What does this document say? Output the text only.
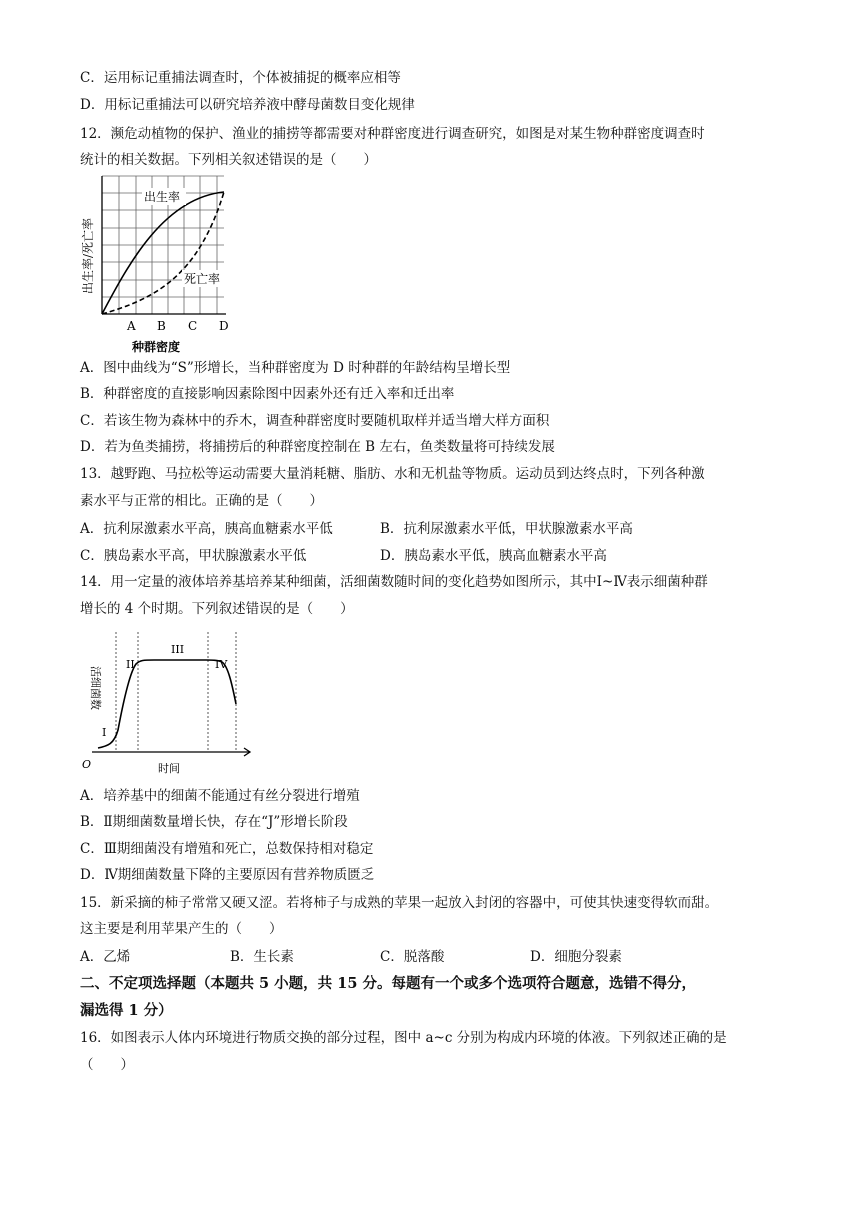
C．运用标记重捕法调查时，个体被捕捉的概率应相等
D．用标记重捕法可以研究培养液中酵母菌数目变化规律
12．濒危动植物的保护、渔业的捕捞等都需要对种群密度进行调查研究，如图是对某生物种群密度调查时
统计的相关数据。下列相关叙述错误的是（　　）
出生率
死亡率
出生率/死亡率
A B C D
种群密度
A．图中曲线为“S”形增长，当种群密度为 D 时种群的年龄结构呈增长型
B．种群密度的直接影响因素除图中因素外还有迁入率和迁出率
C．若该生物为森林中的乔木，调查种群密度时要随机取样并适当增大样方面积
D．若为鱼类捕捞，将捕捞后的种群密度控制在 B 左右，鱼类数量将可持续发展
13．越野跑、马拉松等运动需要大量消耗糖、脂肪、水和无机盐等物质。运动员到达终点时，下列各种激
素水平与正常的相比。正确的是（　　）
A．抗利尿激素水平高，胰高血糖素水平低	B．抗利尿激素水平低，甲状腺激素水平高
C．胰岛素水平高，甲状腺激素水平低	D．胰岛素水平低，胰高血糖素水平高
14．用一定量的液体培养基培养某种细菌，活细菌数随时间的变化趋势如图所示，其中Ⅰ~Ⅳ表示细菌种群
增长的 4 个时期。下列叙述错误的是（　　）
I
II
III
IV
活细菌数
O	时间
A．培养基中的细菌不能通过有丝分裂进行增殖
B．Ⅱ期细菌数量增长快，存在“J”形增长阶段
C．Ⅲ期细菌没有增殖和死亡，总数保持相对稳定
D．Ⅳ期细菌数量下降的主要原因有营养物质匮乏
15．新采摘的柿子常常又硬又涩。若将柿子与成熟的苹果一起放入封闭的容器中，可使其快速变得软而甜。
这主要是利用苹果产生的（　　）
A．乙烯	B．生长素	C．脱落酸	D．细胞分裂素
二、不定项选择题（本题共 5 小题，共 15 分。每题有一个或多个选项符合题意，选错不得分，
漏选得 1 分）
16．如图表示人体内环境进行物质交换的部分过程，图中 a~c 分别为构成内环境的体液。下列叙述正确的是
（　　）
